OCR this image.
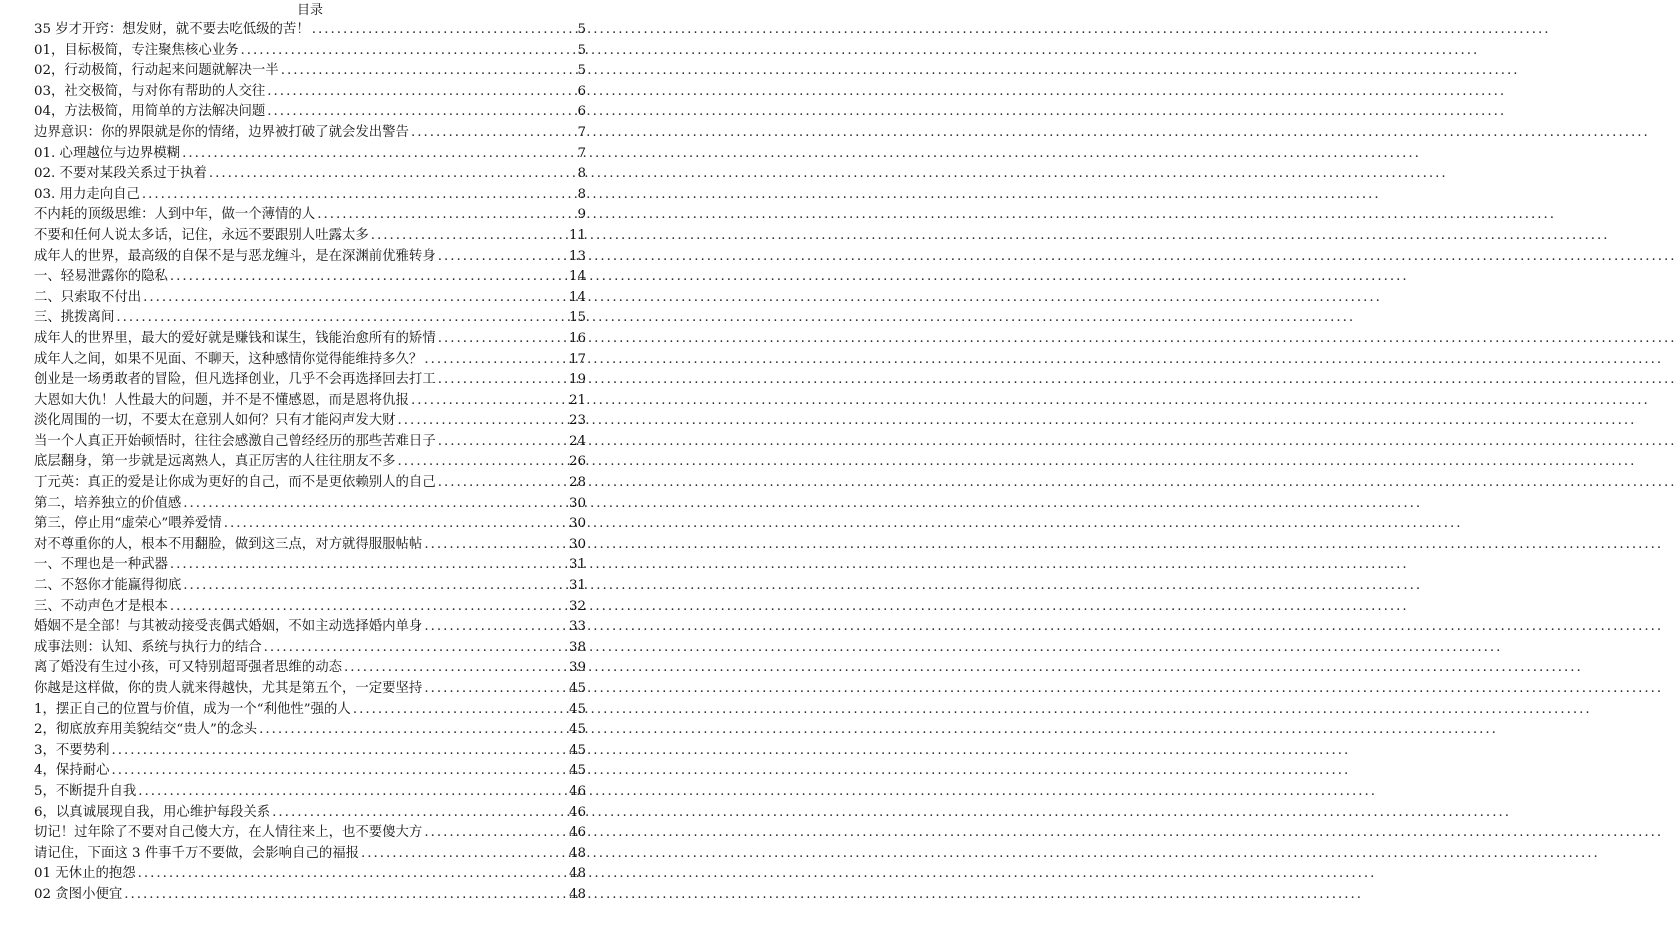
目录
35 岁才开窍：想发财，就不要去吃低级的苦！ .....	5
01，目标极简，专注聚焦核心业务 .....	5
02，行动极简，行动起来问题就解决一半 .....	5
03，社交极简，与对你有帮助的人交往 .....	6
04，方法极简，用简单的方法解决问题 .....	6
边界意识：你的界限就是你的情绪，边界被打破了就会发出警告 .....	7
01. 心理越位与边界模糊 .....	7
02. 不要对某段关系过于执着 .....	8
03. 用力走向自己 .....	8
不内耗的顶级思维：人到中年，做一个薄情的人 .....	9
不要和任何人说太多话，记住，永远不要跟别人吐露太多 .....	11
成年人的世界，最高级的自保不是与恶龙缠斗，是在深渊前优雅转身 .....	13
一、轻易泄露你的隐私 .....	14
二、只索取不付出 .....	14
三、挑拨离间 .....	15
成年人的世界里，最大的爱好就是赚钱和谋生，钱能治愈所有的矫情 .....	16
成年人之间，如果不见面、不聊天，这种感情你觉得能维持多久？ .....	17
创业是一场勇敢者的冒险，但凡选择创业，几乎不会再选择回去打工 .....	19
大恩如大仇！人性最大的问题，并不是不懂感恩，而是恩将仇报 .....	21
淡化周围的一切，不要太在意别人如何？只有才能闷声发大财 .....	23
当一个人真正开始顿悟时，往往会感激自己曾经经历的那些苦难日子 .....	24
底层翻身，第一步就是远离熟人，真正厉害的人往往朋友不多 .....	26
丁元英：真正的爱是让你成为更好的自己，而不是更依赖别人的自己 .....	28
第二，培养独立的价值感 .....	30
第三，停止用“虚荣心”喂养爱情 .....	30
对不尊重你的人，根本不用翻脸，做到这三点，对方就得服服帖帖 .....	30
一、不理也是一种武器 .....	31
二、不怒你才能赢得彻底 .....	31
三、不动声色才是根本 .....	32
婚姻不是全部！与其被动接受丧偶式婚姻，不如主动选择婚内单身 .....	33
成事法则：认知、系统与执行力的结合 .....	38
离了婚没有生过小孩，可又特别超哥强者思维的动态 .....	39
你越是这样做，你的贵人就来得越快，尤其是第五个，一定要坚持 .....	45
1，摆正自己的位置与价值，成为一个“利他性”强的人 .....	45
2，彻底放弃用美貌结交“贵人”的念头 .....	45
3，不要势利 .....	45
4，保持耐心 .....	45
5，不断提升自我 .....	46
6，以真诚展现自我，用心维护每段关系 .....	46
切记！过年除了不要对自己傻大方，在人情往来上，也不要傻大方 .....	46
请记住，下面这 3 件事千万不要做，会影响自己的福报 .....	48
01 无休止的抱怨 .....	48
02 贪图小便宜 .....	48
